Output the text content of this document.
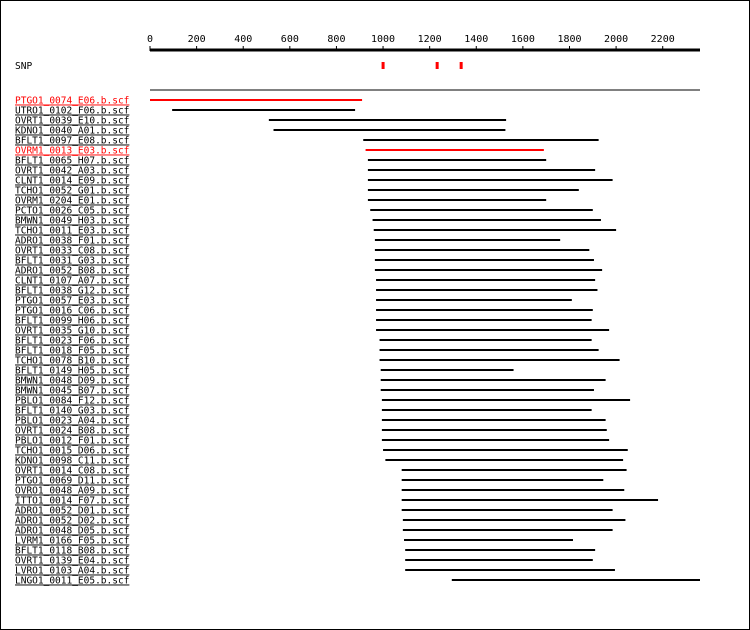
0	200	400	600	800	1000 1200 1400 1600 1800 2000 2200
SNP
PTGO1_0074_E06.b.scf
UTRO1_0102_F06.b.scf
OVRT1_0039_E10.b.scf
KDNO1_0040_A01.b.scf
BFLT1_0097_E08.b.scf
OVRM1_0013_E03.b.scf
BFLT1_0065_H07.b.scf
OVRT1_0042_A03.b.scf
CLNT1_0014_E09.b.scf
TCHO1_0052_G01.b.scf
OVRM1_0204_E01.b.scf
PCTO1_0026_C05.b.scf
BMWN1_0049_H03.b.scf
TCHO1_0011_E03.b.scf
ADRO1_0038_F01.b.scf
OVRT1_0033_C08.b.scf
BFLT1_0031_G03.b.scf
ADRO1_0052_B08.b.scf
CLNT1_0107_A07.b.scf
BFLT1_0038_G12.b.scf
PTGO1_0057_E03.b.scf
PTGO1_0016_C06.b.scf
BFLT1_0099_H06.b.scf
OVRT1_0035_G10.b.scf
BFLT1_0023_F06.b.scf
BFLT1_0018_F05.b.scf
TCHO1_0078_B10.b.scf
BFLT1_0149_H05.b.scf
BMWN1_0048_D09.b.scf
BMWN1_0045_B07.b.scf
PBLO1_0084_F12.b.scf
BFLT1_0140_G03.b.scf
PBLO1_0023_A04.b.scf
OVRT1_0024_B08.b.scf
PBLO1_0012_F01.b.scf
TCHO1_0015_D06.b.scf
KDNO1_0098_C11.b.scf
OVRT1_0014_C08.b.scf
PTGO1_0069_D11.b.scf
OVRO1_0048_A09.b.scf
ITTO1_0014_F07.b.scf
ADRO1_0052_D01.b.scf
ADRO1_0052_D02.b.scf
ADRO1_0048_D05.b.scf
LVRM1_0166_F05.b.scf
BFLT1_0118_B08.b.scf
OVRT1_0139_E04.b.scf
LVRO1_0103_A04.b.scf
LNGO1_0011_E05.b.scf
